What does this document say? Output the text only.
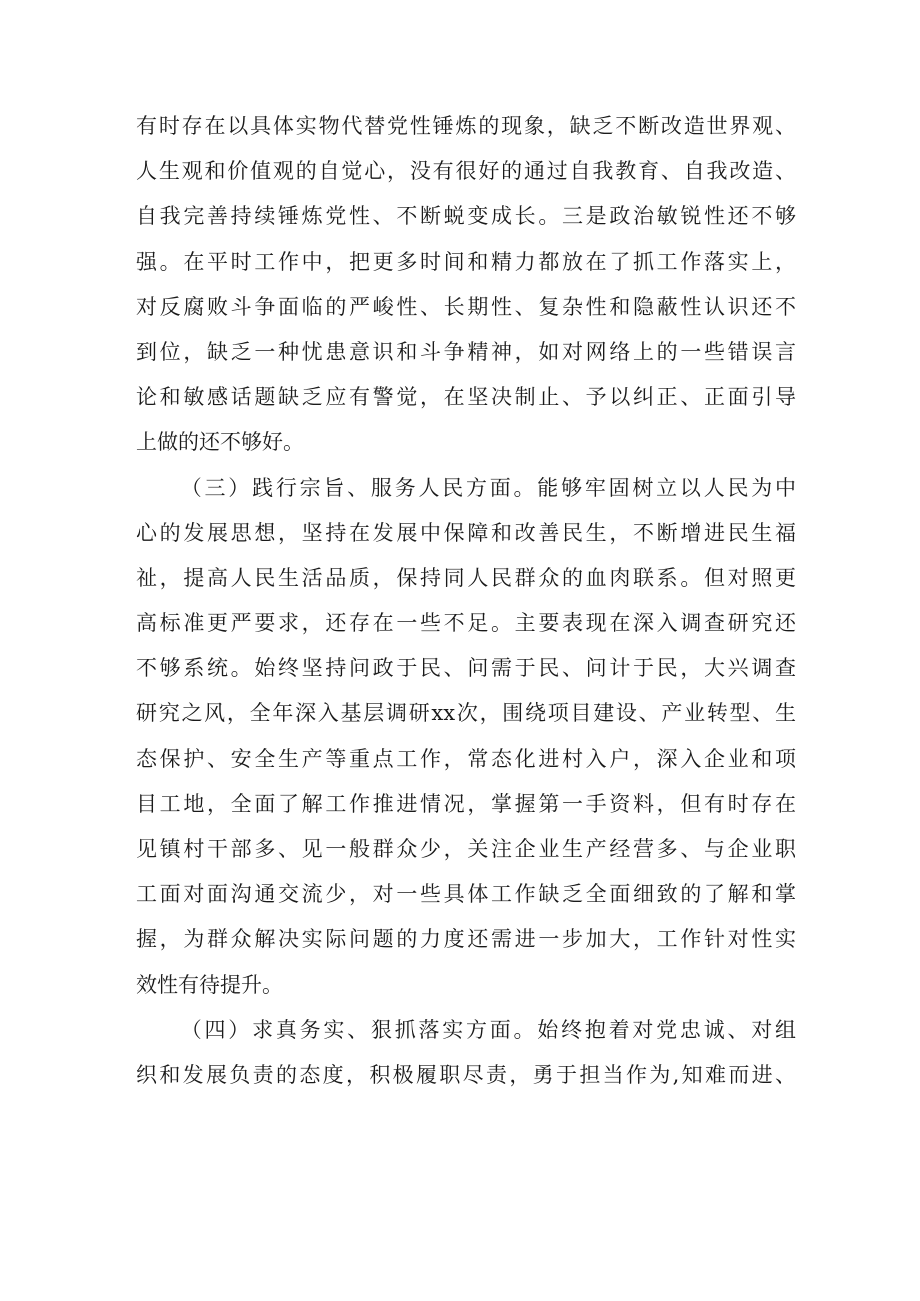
有时存在以具体实物代替党性锤炼的现象，缺乏不断改造世界观、
人生观和价值观的自觉心，没有很好的通过自我教育、自我改造、
自我完善持续锤炼党性、不断蜕变成长。三是政治敏锐性还不够
强。在平时工作中，把更多时间和精力都放在了抓工作落实上，
对反腐败斗争面临的严峻性、长期性、复杂性和隐蔽性认识还不
到位，缺乏一种忧患意识和斗争精神，如对网络上的一些错误言
论和敏感话题缺乏应有警觉，在坚决制止、予以纠正、正面引导
上做的还不够好。
（三）践行宗旨、服务人民方面。能够牢固树立以人民为中
心的发展思想，坚持在发展中保障和改善民生，不断增进民生福
祉，提高人民生活品质，保持同人民群众的血肉联系。但对照更
高标准更严要求，还存在一些不足。主要表现在深入调查研究还
不够系统。始终坚持问政于民、问需于民、问计于民，大兴调查
研究之风，全年深入基层调研xx次，围绕项目建设、产业转型、生
态保护、安全生产等重点工作，常态化进村入户，深入企业和项
目工地，全面了解工作推进情况，掌握第一手资料，但有时存在
见镇村干部多、见一般群众少，关注企业生产经营多、与企业职
工面对面沟通交流少，对一些具体工作缺乏全面细致的了解和掌
握，为群众解决实际问题的力度还需进一步加大，工作针对性实
效性有待提升。
（四）求真务实、狠抓落实方面。始终抱着对党忠诚、对组
织和发展负责的态度，积极履职尽责，勇于担当作为,知难而进、
